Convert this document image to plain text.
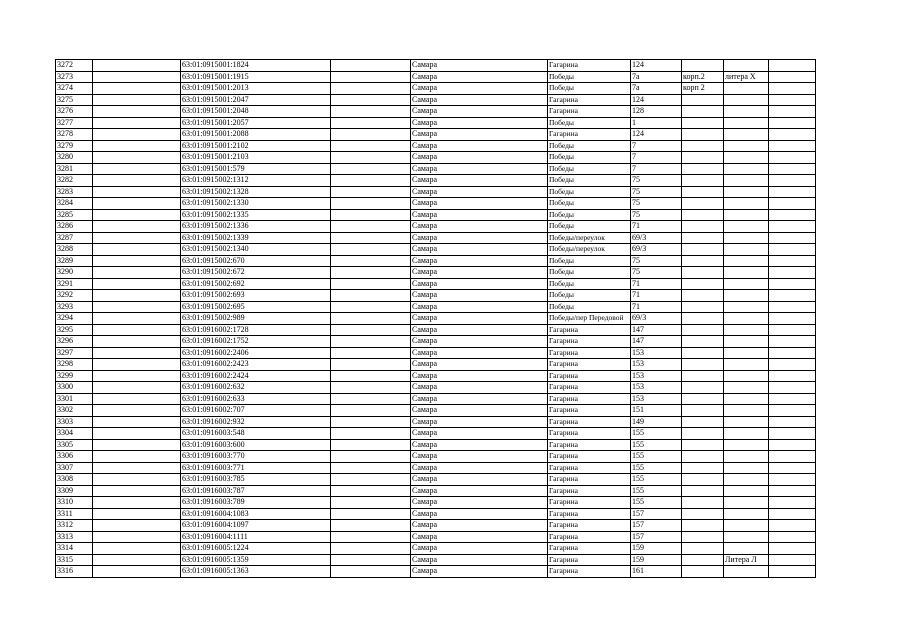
3272		63:01:0915001:1824		Самара	Гагарина	124			
3273		63:01:0915001:1915		Самара	Победы	7а	корп.2	литера Х	
3274		63:01:0915001:2013		Самара	Победы	7а	корп 2		
3275		63:01:0915001:2047		Самара	Гагарина	124			
3276		63:01:0915001:2048		Самара	Гагарина	128			
3277		63:01:0915001:2057		Самара	Победы	1			
3278		63:01:0915001:2088		Самара	Гагарина	124			
3279		63:01:0915001:2102		Самара	Победы	7			
3280		63:01:0915001:2103		Самара	Победы	7			
3281		63:01:0915001:579		Самара	Победы	7			
3282		63:01:0915002:1312		Самара	Победы	75			
3283		63:01:0915002:1328		Самара	Победы	75			
3284		63:01:0915002:1330		Самара	Победы	75			
3285		63:01:0915002:1335		Самара	Победы	75			
3286		63:01:0915002:1336		Самара	Победы	71			
3287		63:01:0915002:1339		Самара	Победы/переулок	69/3			
3288		63:01:0915002:1340		Самара	Победы/переулок	69/3			
3289		63:01:0915002:670		Самара	Победы	75			
3290		63:01:0915002:672		Самара	Победы	75			
3291		63:01:0915002:692		Самара	Победы	71			
3292		63:01:0915002:693		Самара	Победы	71			
3293		63:01:0915002:695		Самара	Победы	71			
3294		63:01:0915002:989		Самара	Победы/пер Передовой	69/3			
3295		63:01:0916002:1728		Самара	Гагарина	147			
3296		63:01:0916002:1752		Самара	Гагарина	147			
3297		63:01:0916002:2406		Самара	Гагарина	153			
3298		63:01:0916002:2423		Самара	Гагарина	153			
3299		63:01:0916002:2424		Самара	Гагарина	153			
3300		63:01:0916002:632		Самара	Гагарина	153			
3301		63:01:0916002:633		Самара	Гагарина	153			
3302		63:01:0916002:707		Самара	Гагарина	151			
3303		63:01:0916002:932		Самара	Гагарина	149			
3304		63:01:0916003:548		Самара	Гагарина	155			
3305		63:01:0916003:600		Самара	Гагарина	155			
3306		63:01:0916003:770		Самара	Гагарина	155			
3307		63:01:0916003:771		Самара	Гагарина	155			
3308		63:01:0916003:785		Самара	Гагарина	155			
3309		63:01:0916003:787		Самара	Гагарина	155			
3310		63:01:0916003:789		Самара	Гагарина	155			
3311		63:01:0916004:1083		Самара	Гагарина	157			
3312		63:01:0916004:1097		Самара	Гагарина	157			
3313		63:01:0916004:1111		Самара	Гагарина	157			
3314		63:01:0916005:1224		Самара	Гагарина	159			
3315		63:01:0916005:1359		Самара	Гагарина	159		Литера Л	
3316		63:01:0916005:1363		Самара	Гагарина	161			
